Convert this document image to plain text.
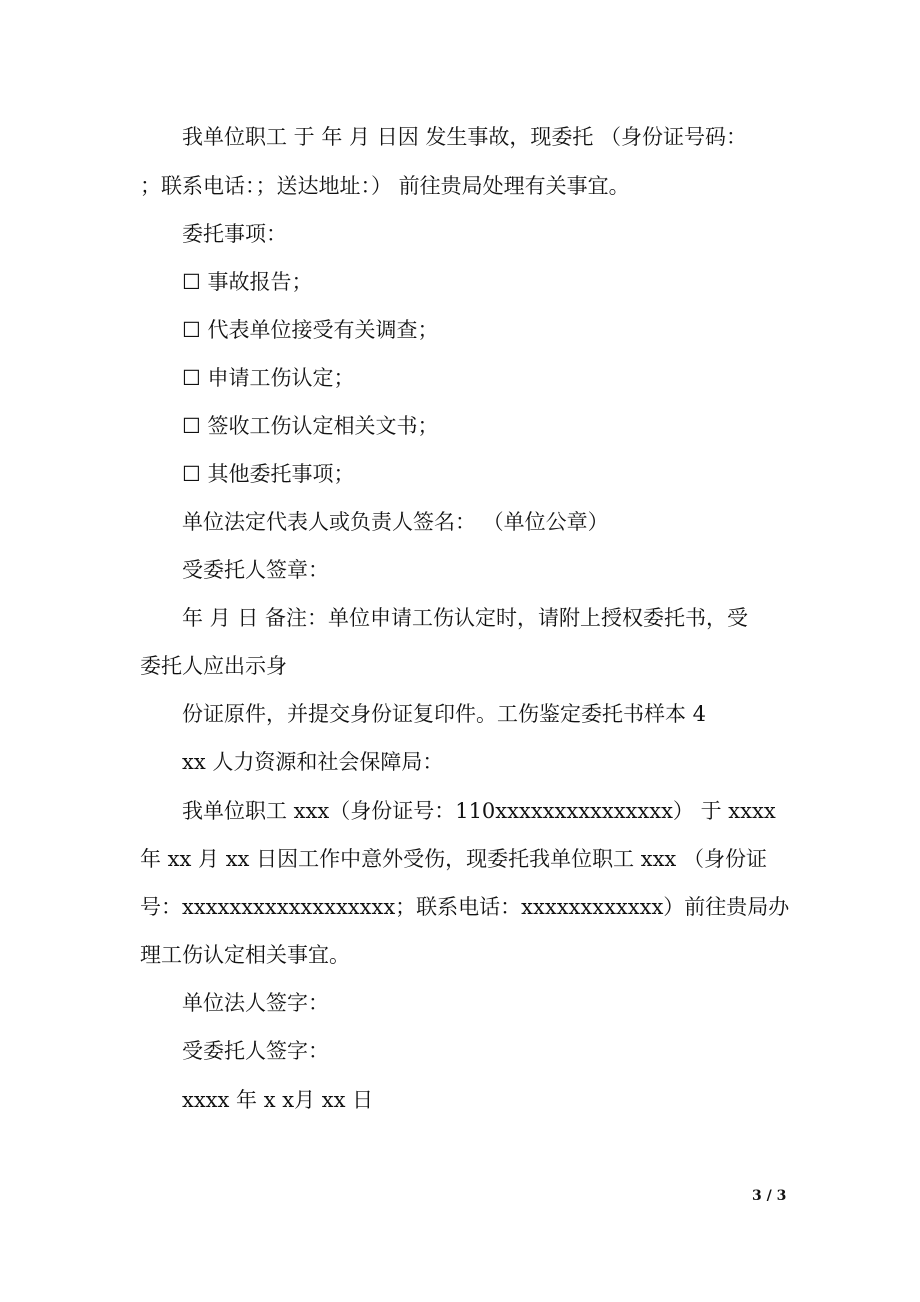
我单位职工 于 年 月 日因 发生事故，现委托 （身份证号码：
；联系电话：；送达地址：） 前往贵局处理有关事宜。
委托事项：
☐ 事故报告；
☐ 代表单位接受有关调查；
☐ 申请工伤认定；
☐ 签收工伤认定相关文书；
☐ 其他委托事项；
单位法定代表人或负责人签名： （单位公章）
受委托人签章：
年 月 日 备注：单位申请工伤认定时，请附上授权委托书，受
委托人应出示身
份证原件，并提交身份证复印件。工伤鉴定委托书样本 4
xx 人力资源和社会保障局：
我单位职工 xxx（身份证号：110xxxxxxxxxxxxxxx） 于 xxxx
年 xx 月 xx 日因工作中意外受伤，现委托我单位职工 xxx （身份证
号：xxxxxxxxxxxxxxxxxx；联系电话：xxxxxxxxxxxx）前往贵局办
理工伤认定相关事宜。
单位法人签字：
受委托人签字：
xxxx 年 x x月 xx 日
3 / 3
